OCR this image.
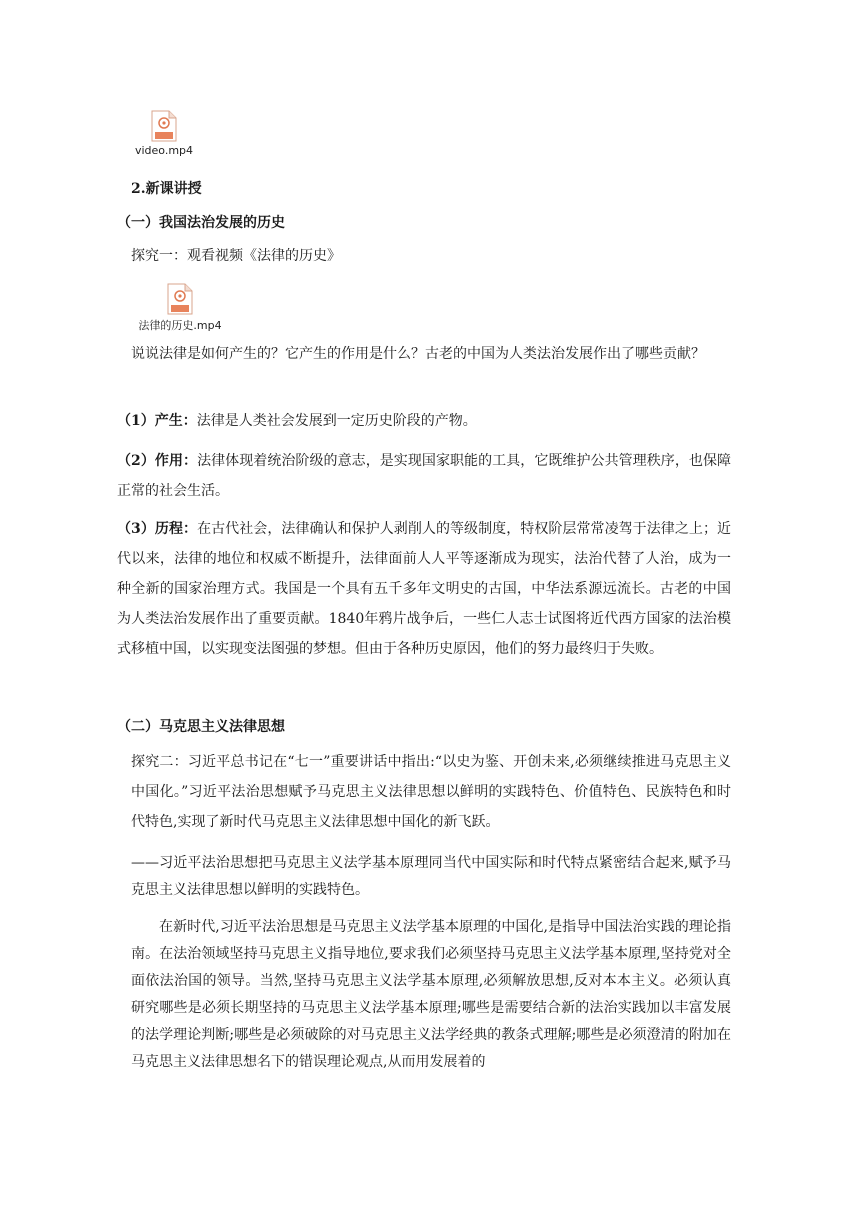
video.mp4
2.新课讲授
（一）我国法治发展的历史
探究一：观看视频《法律的历史》
法律的历史.mp4
说说法律是如何产生的？它产生的作用是什么？古老的中国为人类法治发展作出了哪些贡献？
（1）产生：法律是人类社会发展到一定历史阶段的产物。
（2）作用：法律体现着统治阶级的意志，是实现国家职能的工具，它既维护公共管理秩序，也保障正常的社会生活。
（3）历程：在古代社会，法律确认和保护人剥削人的等级制度，特权阶层常常凌驾于法律之上；近代以来，法律的地位和权威不断提升，法律面前人人平等逐渐成为现实，法治代替了人治，成为一种全新的国家治理方式。我国是一个具有五千多年文明史的古国，中华法系源远流长。古老的中国为人类法治发展作出了重要贡献。1840年鸦片战争后，一些仁人志士试图将近代西方国家的法治模式移植中国，以实现变法图强的梦想。但由于各种历史原因，他们的努力最终归于失败。
（二）马克思主义法律思想
探究二：习近平总书记在“七一”重要讲话中指出:“以史为鉴、开创未来,必须继续推进马克思主义中国化。”习近平法治思想赋予马克思主义法律思想以鲜明的实践特色、价值特色、民族特色和时代特色,实现了新时代马克思主义法律思想中国化的新飞跃。
——习近平法治思想把马克思主义法学基本原理同当代中国实际和时代特点紧密结合起来,赋予马克思主义法律思想以鲜明的实践特色。
在新时代,习近平法治思想是马克思主义法学基本原理的中国化,是指导中国法治实践的理论指南。在法治领域坚持马克思主义指导地位,要求我们必须坚持马克思主义法学基本原理,坚持党对全面依法治国的领导。当然,坚持马克思主义法学基本原理,必须解放思想,反对本本主义。必须认真研究哪些是必须长期坚持的马克思主义法学基本原理;哪些是需要结合新的法治实践加以丰富发展的法学理论判断;哪些是必须破除的对马克思主义法学经典的教条式理解;哪些是必须澄清的附加在马克思主义法律思想名下的错误理论观点,从而用发展着的
